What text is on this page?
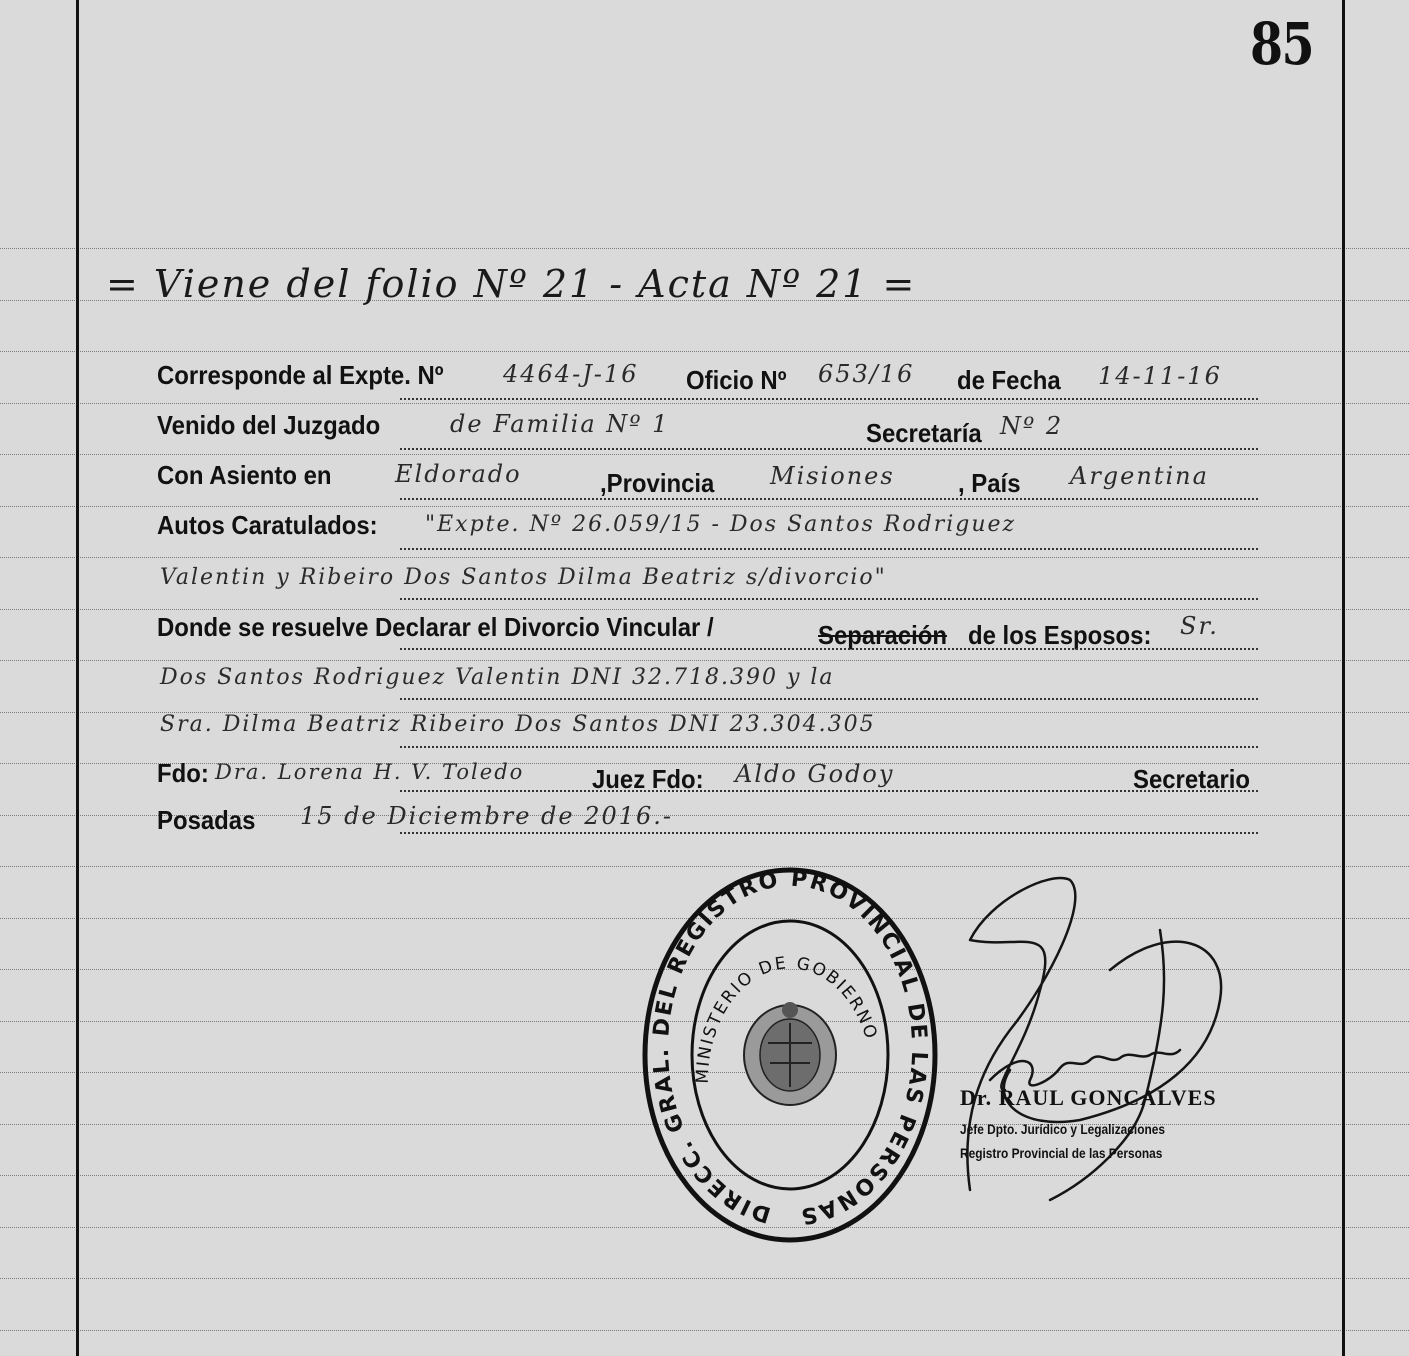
85
= Viene del folio Nº 21 - Acta Nº 21 =
Corresponde al Expte. Nº	4464-J-16 Oficio Nº	653/16 de Fecha	14-11-16
Venido del Juzgado	de Familia Nº 1	Secretaría Nº 2
Con Asiento en	Eldorado	,Provincia	Misiones , País Argentina
Autos Caratulados:	"Expte. Nº 26.059/15 - Dos Santos Rodriguez
Valentin y Ribeiro Dos Santos Dilma Beatriz s/divorcio"
Donde se resuelve Declarar el Divorcio Vincular /	Separación de los Esposos:	Sr.
Dos Santos Rodriguez Valentin DNI 32.718.390 y la
Sra. Dilma Beatriz Ribeiro Dos Santos DNI 23.304.305
Fdo: Dra. Lorena H. V. Toledo	Juez Fdo:	Aldo Godoy	Secretario
Posadas	15 de Diciembre de 2016.-
DIRECC. GRAL. DEL REGISTRO PROVINCIAL DE LAS PERSONAS
MINISTERIO DE GOBIERNO
Dr. RAUL GONCALVES
Jefe Dpto. Jurídico y Legalizaciones
Registro Provincial de las Personas
